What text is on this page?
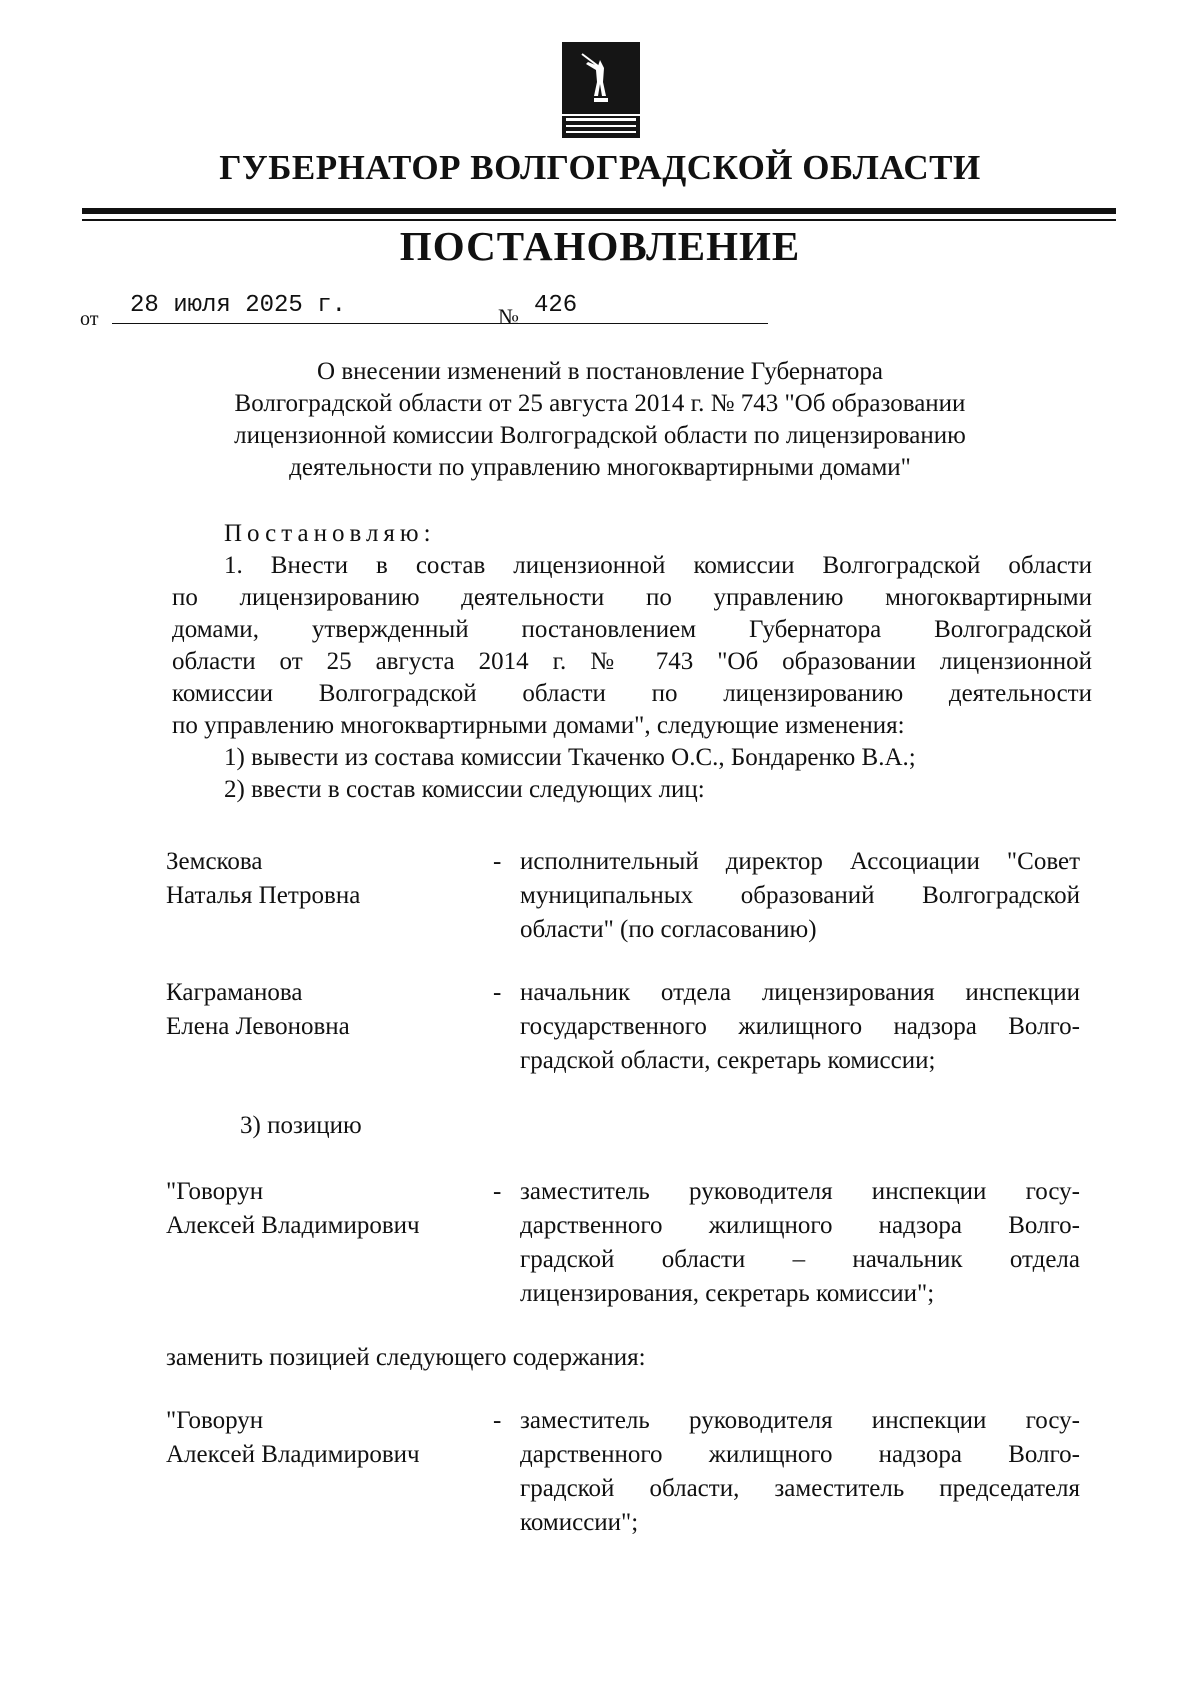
ГУБЕРНАТОР ВОЛГОГРАДСКОЙ ОБЛАСТИ
ПОСТАНОВЛЕНИЕ
от	28 июля 2025 г.	№ 426
О внесении изменений в постановление Губернатора
Волгоградской области от 25 августа 2014 г. № 743 "Об образовании
лицензионной комиссии Волгоградской области по лицензированию
деятельности по управлению многоквартирными домами"
Постановляю:
1. Внести в состав лицензионной комиссии Волгоградской области
по лицензированию деятельности по управлению многоквартирными
домами, утвержденный постановлением Губернатора Волгоградской
области от 25 августа 2014 г. № 743 "Об образовании лицензионной
комиссии Волгоградской области по лицензированию деятельности
по управлению многоквартирными домами", следующие изменения:
1) вывести из состава комиссии Ткаченко О.С., Бондаренко В.А.;
2) ввести в состав комиссии следующих лиц:
Земскова
Наталья Петровна
- исполнительный директор Ассоциации "Совет
муниципальных образований Волгоградской
области" (по согласованию)
Каграманова
Елена Левоновна
- начальник отдела лицензирования инспекции
государственного жилищного надзора Волго-
градской области, секретарь комиссии;
3) позицию
"Говорун
Алексей Владимирович
- заместитель руководителя инспекции госу-
дарственного жилищного надзора Волго-
градской области – начальник отдела
лицензирования, секретарь комиссии";
заменить позицией следующего содержания:
"Говорун
Алексей Владимирович
- заместитель руководителя инспекции госу-
дарственного жилищного надзора Волго-
градской области, заместитель председателя
комиссии";
